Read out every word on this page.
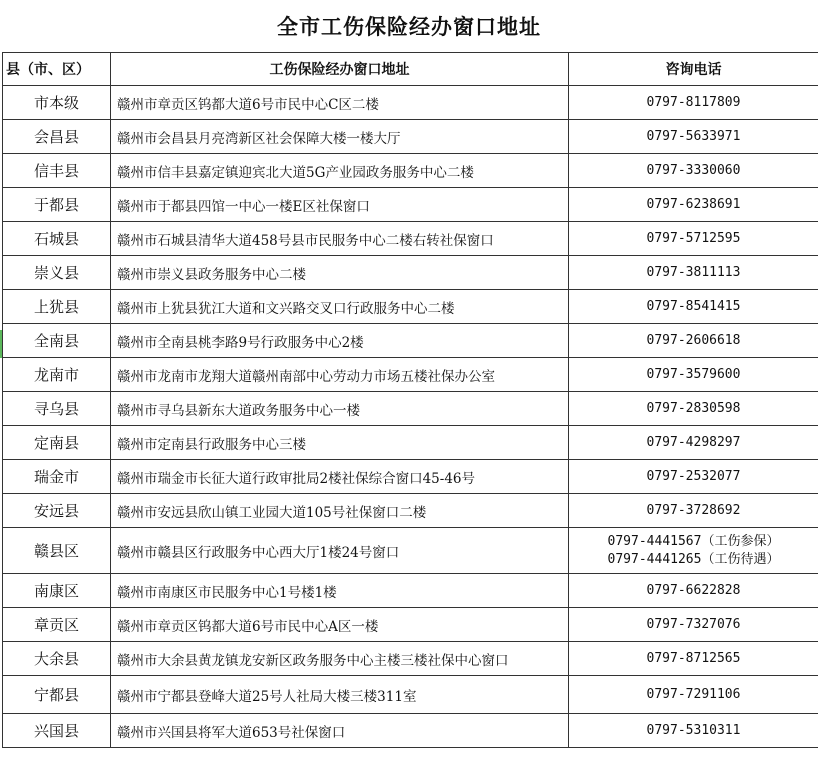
全市工伤保险经办窗口地址
县（市、区）	工伤保险经办窗口地址	咨询电话
市本级	赣州市章贡区钨都大道6号市民中心C区二楼	0797-8117809

会昌县	赣州市会昌县月亮湾新区社会保障大楼一楼大厅	0797-5633971

信丰县	赣州市信丰县嘉定镇迎宾北大道5G产业园政务服务中心二楼	0797-3330060

于都县	赣州市于都县四馆一中心一楼E区社保窗口	0797-6238691

石城县	赣州市石城县清华大道458号县市民服务中心二楼右转社保窗口	0797-5712595

崇义县	赣州市崇义县政务服务中心二楼	0797-3811113

上犹县	赣州市上犹县犹江大道和文兴路交叉口行政服务中心二楼	0797-8541415

全南县	赣州市全南县桃李路9号行政服务中心2楼	0797-2606618

龙南市	赣州市龙南市龙翔大道赣州南部中心劳动力市场五楼社保办公室	0797-3579600

寻乌县	赣州市寻乌县新东大道政务服务中心一楼	0797-2830598

定南县	赣州市定南县行政服务中心三楼	0797-4298297

瑞金市	赣州市瑞金市长征大道行政审批局2楼社保综合窗口45-46号	0797-2532077

安远县	赣州市安远县欣山镇工业园大道105号社保窗口二楼	0797-3728692

赣县区	赣州市赣县区行政服务中心西大厅1楼24号窗口	0797-4441567（工伤参保）
0797-4441265（工伤待遇）

南康区	赣州市南康区市民服务中心1号楼1楼	0797-6622828

章贡区	赣州市章贡区钨都大道6号市民中心A区一楼	0797-7327076

大余县	赣州市大余县黄龙镇龙安新区政务服务中心主楼三楼社保中心窗口	0797-8712565

宁都县	赣州市宁都县登峰大道25号人社局大楼三楼311室	0797-7291106

兴国县	赣州市兴国县将军大道653号社保窗口	0797-5310311
